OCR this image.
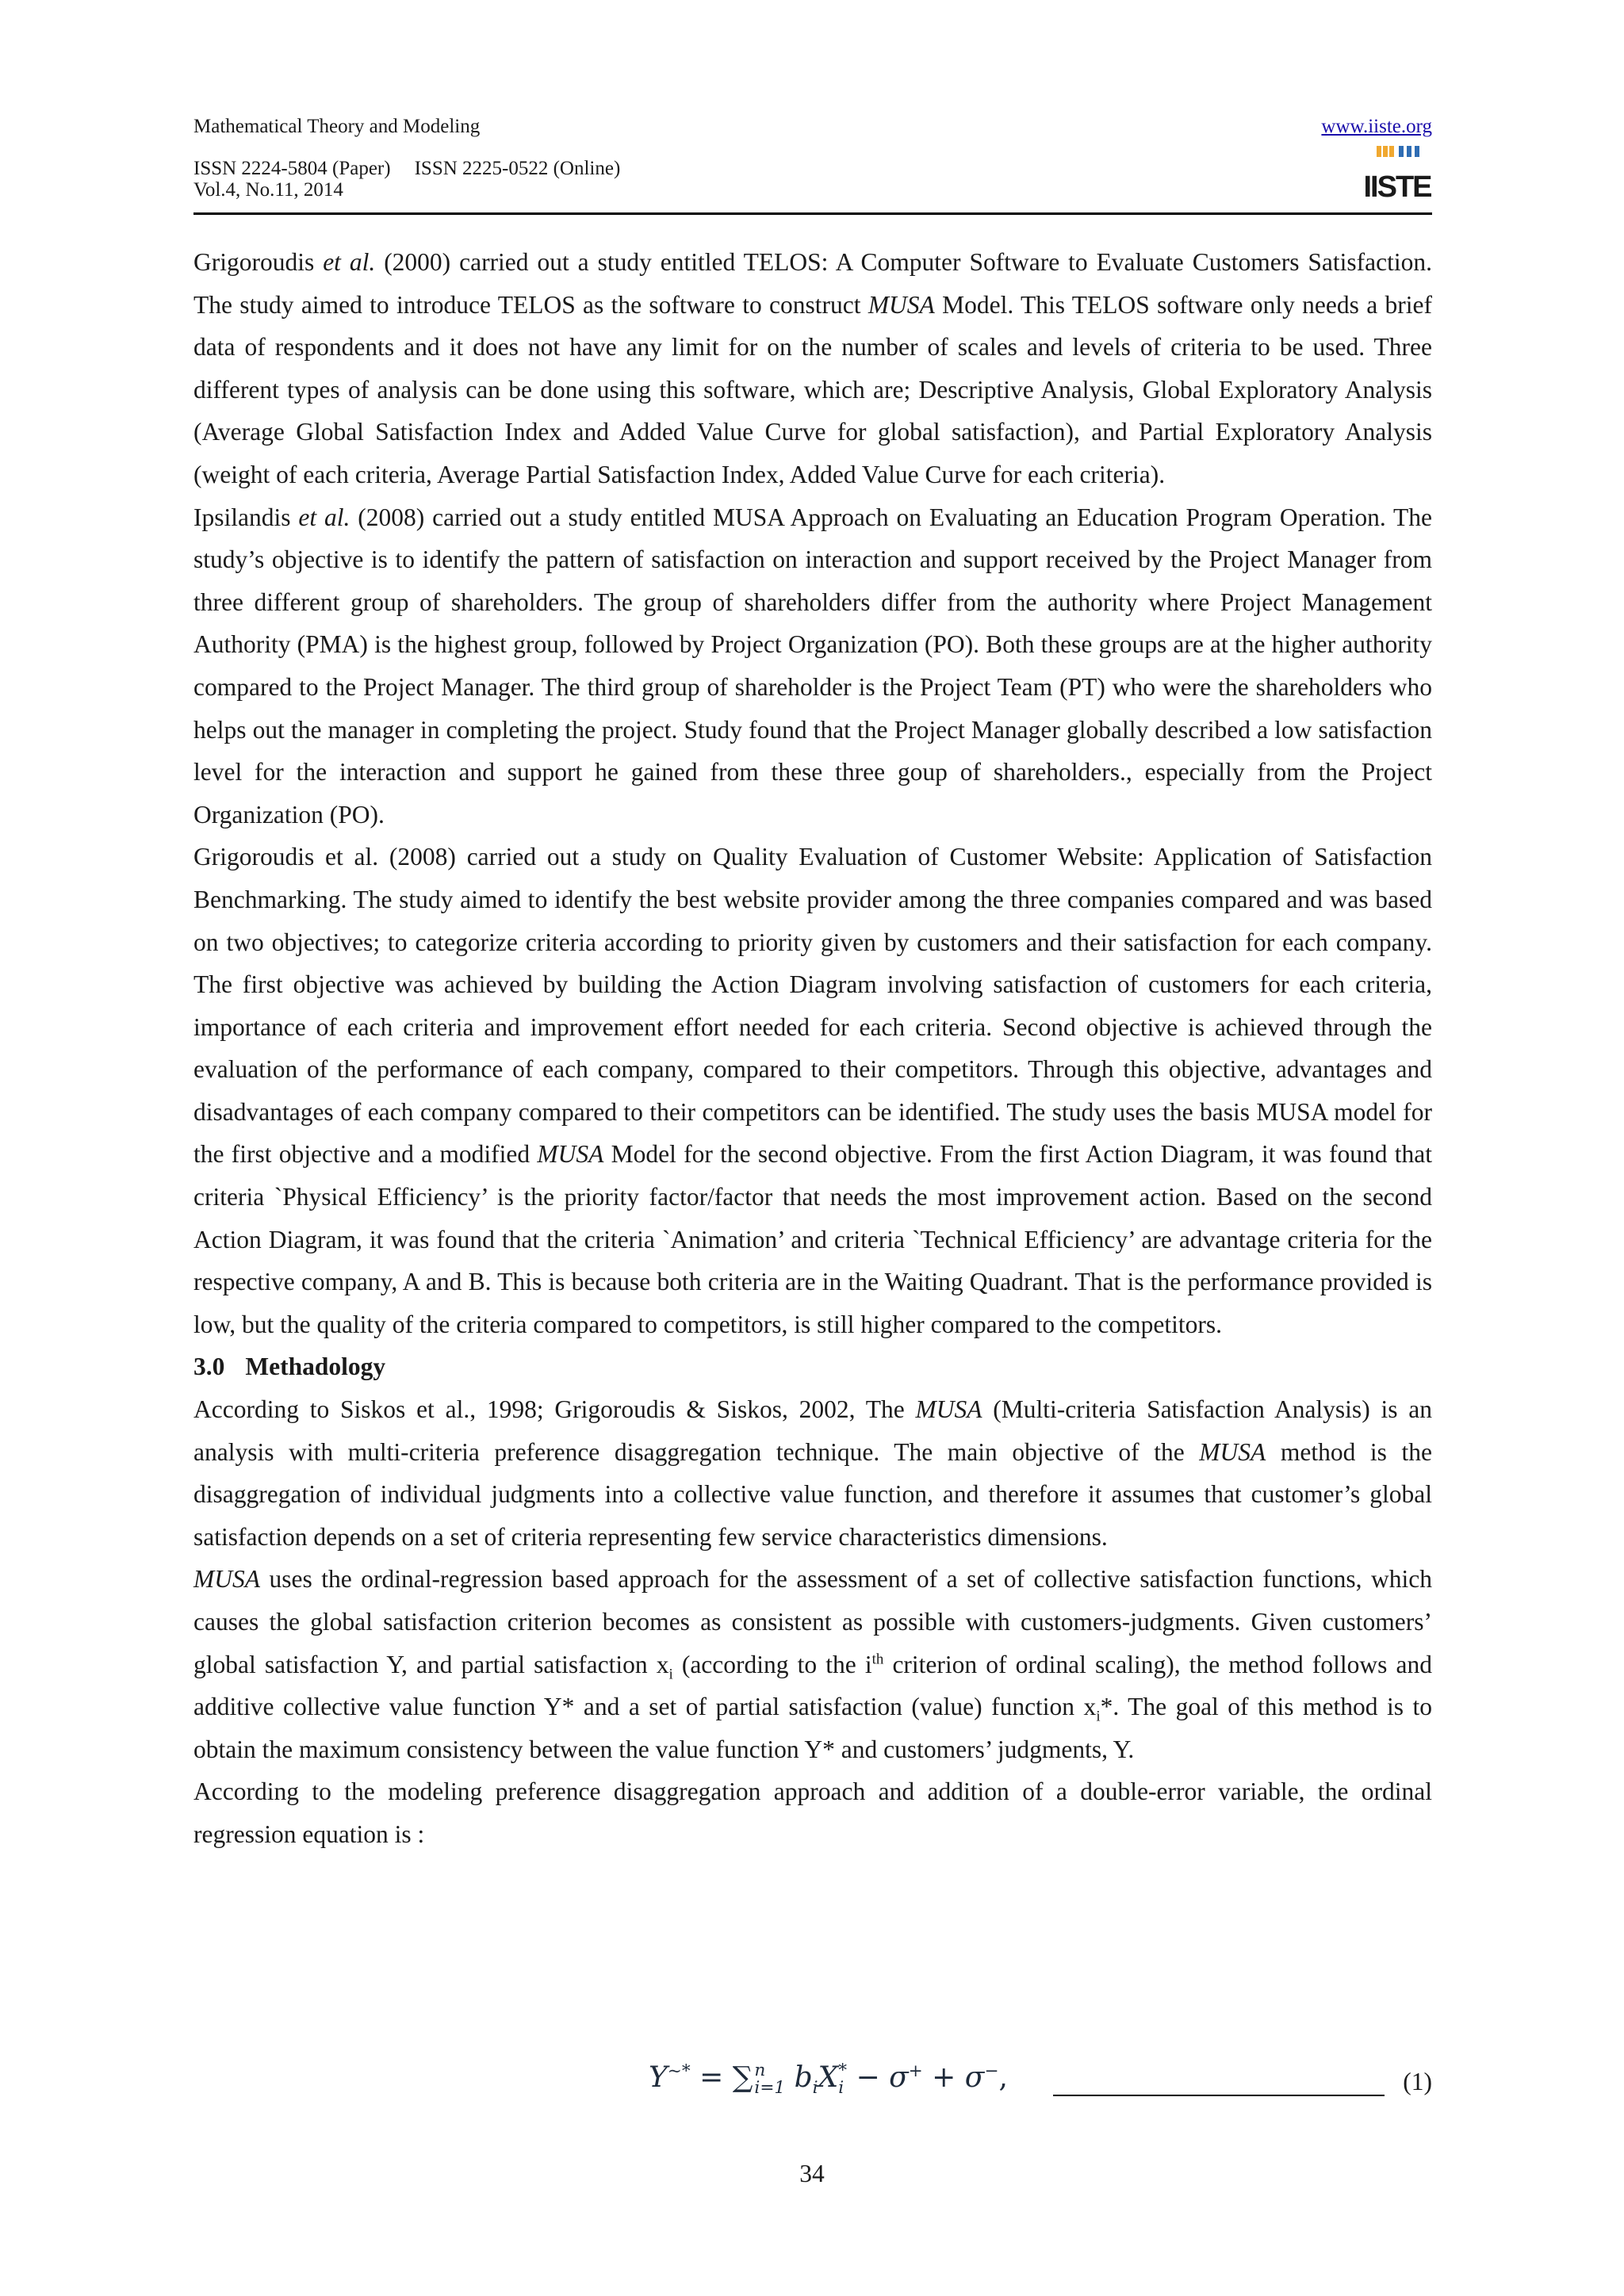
Mathematical Theory and Modeling
ISSN 2224-5804 (Paper) ISSN 2225-0522 (Online)
Vol.4, No.11, 2014
www.iiste.org
IISTE

Grigoroudis et al. (2000) carried out a study entitled TELOS: A Computer Software to Evaluate Customers Satisfaction. The study aimed to introduce TELOS as the software to construct MUSA Model. This TELOS software only needs a brief data of respondents and it does not have any limit for on the number of scales and levels of criteria to be used. Three different types of analysis can be done using this software, which are; Descriptive Analysis, Global Exploratory Analysis (Average Global Satisfaction Index and Added Value Curve for global satisfaction), and Partial Exploratory Analysis (weight of each criteria, Average Partial Satisfaction Index, Added Value Curve for each criteria).

Ipsilandis et al. (2008) carried out a study entitled MUSA Approach on Evaluating an Education Program Operation. The study’s objective is to identify the pattern of satisfaction on interaction and support received by the Project Manager from three different group of shareholders. The group of shareholders differ from the authority where Project Management Authority (PMA) is the highest group, followed by Project Organization (PO). Both these groups are at the higher authority compared to the Project Manager. The third group of shareholder is the Project Team (PT) who were the shareholders who helps out the manager in completing the project. Study found that the Project Manager globally described a low satisfaction level for the interaction and support he gained from these three goup of shareholders., especially from the Project Organization (PO).

Grigoroudis et al. (2008) carried out a study on Quality Evaluation of Customer Website: Application of Satisfaction Benchmarking. The study aimed to identify the best website provider among the three companies compared and was based on two objectives; to categorize criteria according to priority given by customers and their satisfaction for each company. The first objective was achieved by building the Action Diagram involving satisfaction of customers for each criteria, importance of each criteria and improvement effort needed for each criteria. Second objective is achieved through the evaluation of the performance of each company, compared to their competitors. Through this objective, advantages and disadvantages of each company compared to their competitors can be identified. The study uses the basis MUSA model for the first objective and a modified MUSA Model for the second objective. From the first Action Diagram, it was found that criteria `Physical Efficiency’ is the priority factor/factor that needs the most improvement action. Based on the second Action Diagram, it was found that the criteria `Animation’ and criteria `Technical Efficiency’ are advantage criteria for the respective company, A and B. This is because both criteria are in the Waiting Quadrant. That is the performance provided is low, but the quality of the criteria compared to competitors, is still higher compared to the competitors.

3.0 Methadology

According to Siskos et al., 1998; Grigoroudis & Siskos, 2002, The MUSA (Multi-criteria Satisfaction Analysis) is an analysis with multi-criteria preference disaggregation technique. The main objective of the MUSA method is the disaggregation of individual judgments into a collective value function, and therefore it assumes that customer’s global satisfaction depends on a set of criteria representing few service characteristics dimensions.

MUSA uses the ordinal-regression based approach for the assessment of a set of collective satisfaction functions, which causes the global satisfaction criterion becomes as consistent as possible with customers-judgments. Given customers’ global satisfaction Y, and partial satisfaction $x_i$ (according to the $i^{th}$ criterion of ordinal scaling), the method follows and additive collective value function Y* and a set of partial satisfaction (value) function $x_i*$. The goal of this method is to obtain the maximum consistency between the value function Y* and customers’ judgments, Y.

According to the modeling preference disaggregation approach and addition of a double-error variable, the ordinal regression equation is :

Y~* = ∑ n
i=1 $b_iX$ *
i − σ+ + σ−,	(1)
34
